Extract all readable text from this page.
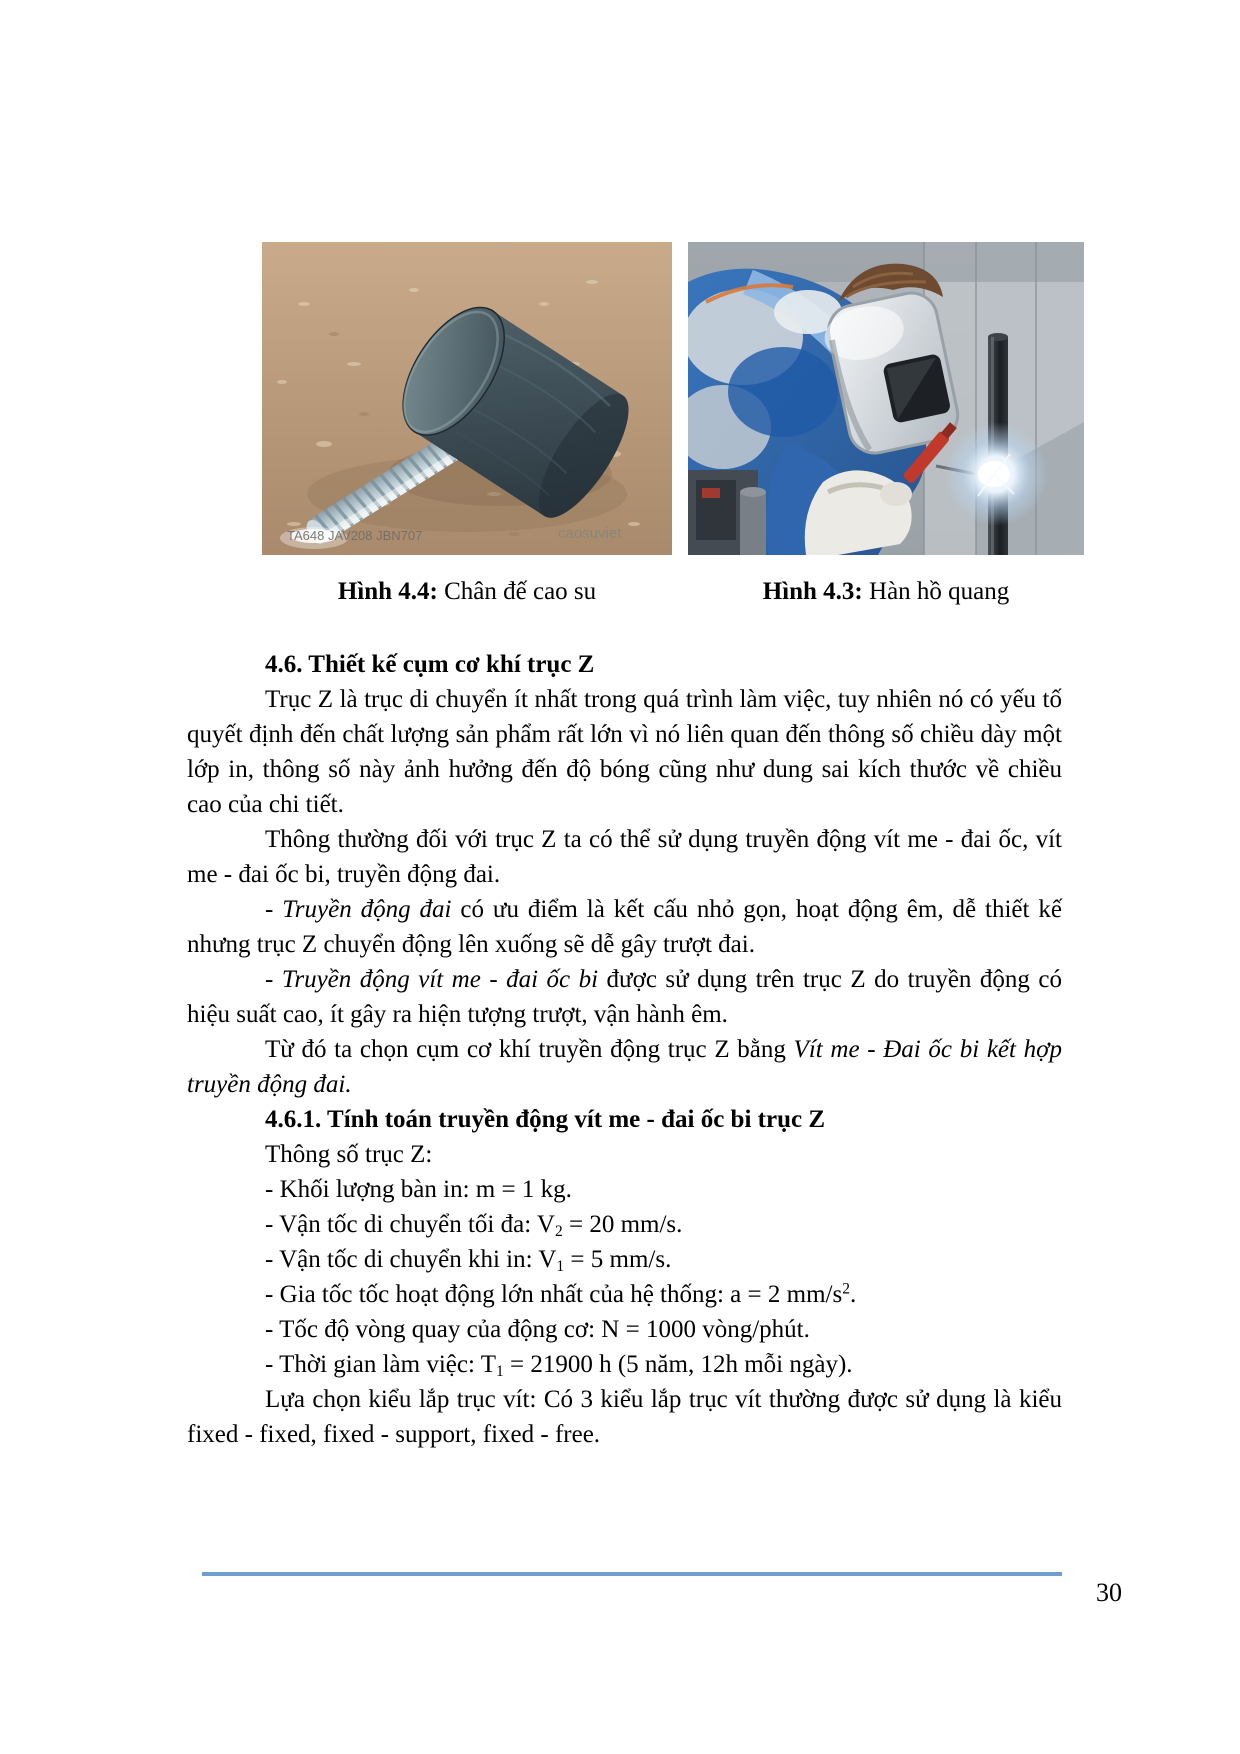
TA648 JAV208 JBN707	caosuviet
Hình 4.4: Chân đế cao su	Hình 4.3: Hàn hồ quang

4.6. Thiết kế cụm cơ khí trục Z

Trục Z là trục di chuyển ít nhất trong quá trình làm việc, tuy nhiên nó có yếu tố quyết định đến chất lượng sản phẩm rất lớn vì nó liên quan đến thông số chiều dày một lớp in, thông số này ảnh hưởng đến độ bóng cũng như dung sai kích thước về chiều cao của chi tiết.

Thông thường đối với trục Z ta có thể sử dụng truyền động vít me - đai ốc, vít me - đai ốc bi, truyền động đai.

- Truyền động đai có ưu điểm là kết cấu nhỏ gọn, hoạt động êm, dễ thiết kế nhưng trục Z chuyển động lên xuống sẽ dễ gây trượt đai.

- Truyền động vít me - đai ốc bi được sử dụng trên trục Z do truyền động có hiệu suất cao, ít gây ra hiện tượng trượt, vận hành êm.

Từ đó ta chọn cụm cơ khí truyền động trục Z bằng Vít me - Đai ốc bi kết hợp truyền động đai.

4.6.1. Tính toán truyền động vít me - đai ốc bi trục Z

Thông số trục Z:

- Khối lượng bàn in: m = 1 kg.

- Vận tốc di chuyển tối đa: $V_2 = 20$ mm/s.

- Vận tốc di chuyển khi in: $V_1 = 5$ mm/s.

- Gia tốc tốc hoạt động lớn nhất của hệ thống: a = 2 $mm/s^2$.

- Tốc độ vòng quay của động cơ: N = 1000 vòng/phút.

- Thời gian làm việc: $T_1 = 21900$ h (5 năm, 12h mỗi ngày).

Lựa chọn kiểu lắp trục vít: Có 3 kiểu lắp trục vít thường được sử dụng là kiểu fixed - fixed, fixed - support, fixed - free.

30
